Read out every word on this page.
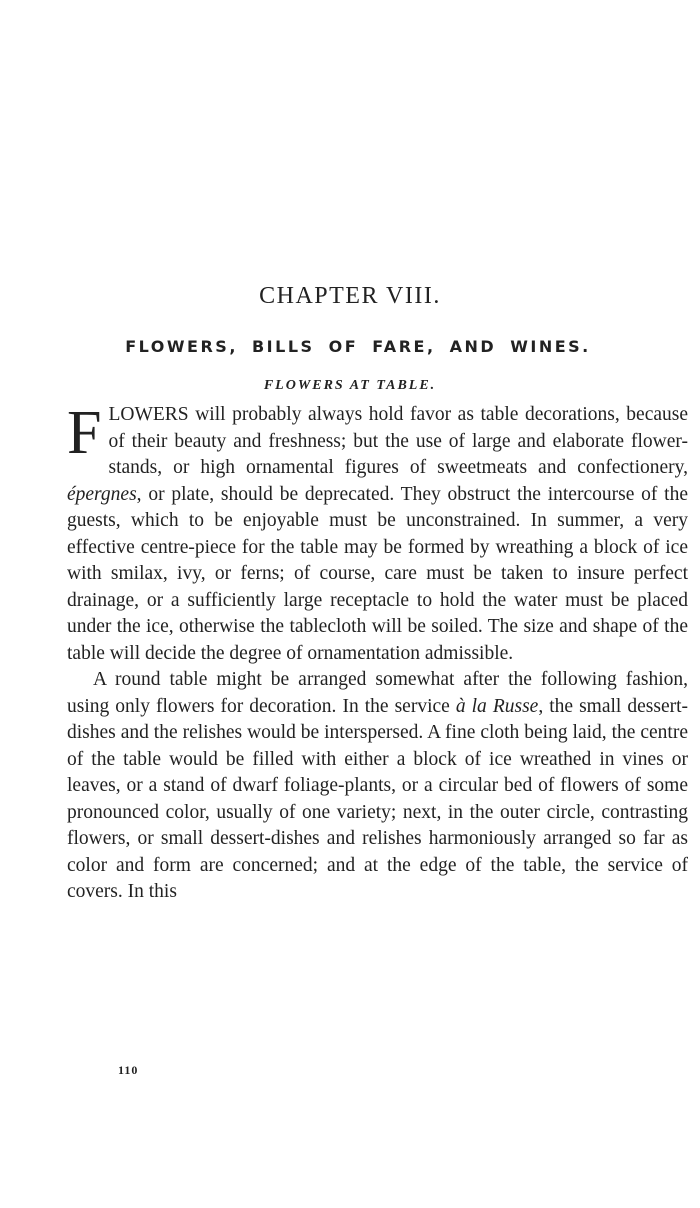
CHAPTER VIII.
FLOWERS, BILLS OF FARE, AND WINES.
FLOWERS AT TABLE.

FLOWERS will probably always hold favor as table decorations, because of their beauty and freshness; but the use of large and elaborate flower-stands, or high ornamental figures of sweetmeats and confectionery, épergnes, or plate, should be deprecated. They obstruct the intercourse of the guests, which to be enjoyable must be unconstrained. In summer, a very effective centre-piece for the table may be formed by wreathing a block of ice with smilax, ivy, or ferns; of course, care must be taken to insure perfect drainage, or a sufficiently large receptacle to hold the water must be placed under the ice, otherwise the tablecloth will be soiled. The size and shape of the table will decide the degree of ornamentation admissible.

A round table might be arranged somewhat after the following fashion, using only flowers for decoration. In the service à la Russe, the small dessert-dishes and the relishes would be interspersed. A fine cloth being laid, the centre of the table would be filled with either a block of ice wreathed in vines or leaves, or a stand of dwarf foliage-plants, or a circular bed of flowers of some pronounced color, usually of one variety; next, in the outer circle, contrasting flowers, or small dessert-dishes and relishes harmoniously arranged so far as color and form are concerned; and at the edge of the table, the service of covers. In this

110
